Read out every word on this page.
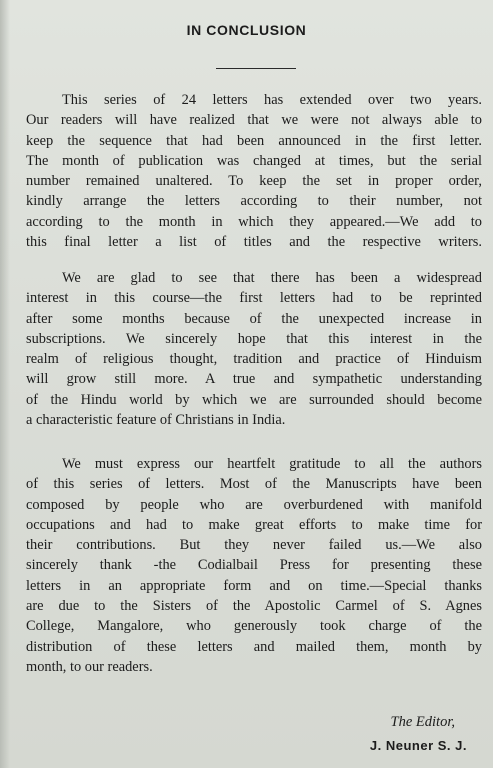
IN CONCLUSION

This series of 24 letters has extended over two years.
Our readers will have realized that we were not always able to
keep the sequence that had been announced in the first letter.
The month of publication was changed at times, but the serial
number remained unaltered. To keep the set in proper order,
kindly arrange the letters according to their number, not
according to the month in which they appeared.—We add to
this final letter a list of titles and the respective writers.

We are glad to see that there has been a widespread
interest in this course—the first letters had to be reprinted
after some months because of the unexpected increase in
subscriptions. We sincerely hope that this interest in the
realm of religious thought, tradition and practice of Hinduism
will grow still more. A true and sympathetic understanding
of the Hindu world by which we are surrounded should become
a characteristic feature of Christians in India.

We must express our heartfelt gratitude to all the authors
of this series of letters. Most of the Manuscripts have been
composed by people who are overburdened with manifold
occupations and had to make great efforts to make time for
their contributions. But they never failed us.—We also
sincerely thank ‑the Codialbail Press for presenting these
letters in an appropriate form and on time.—Special thanks
are due to the Sisters of the Apostolic Carmel of S. Agnes
College, Mangalore, who generously took charge of the
distribution of these letters and mailed them, month by
month, to our readers.

The Editor,

J. Neuner S. J.
